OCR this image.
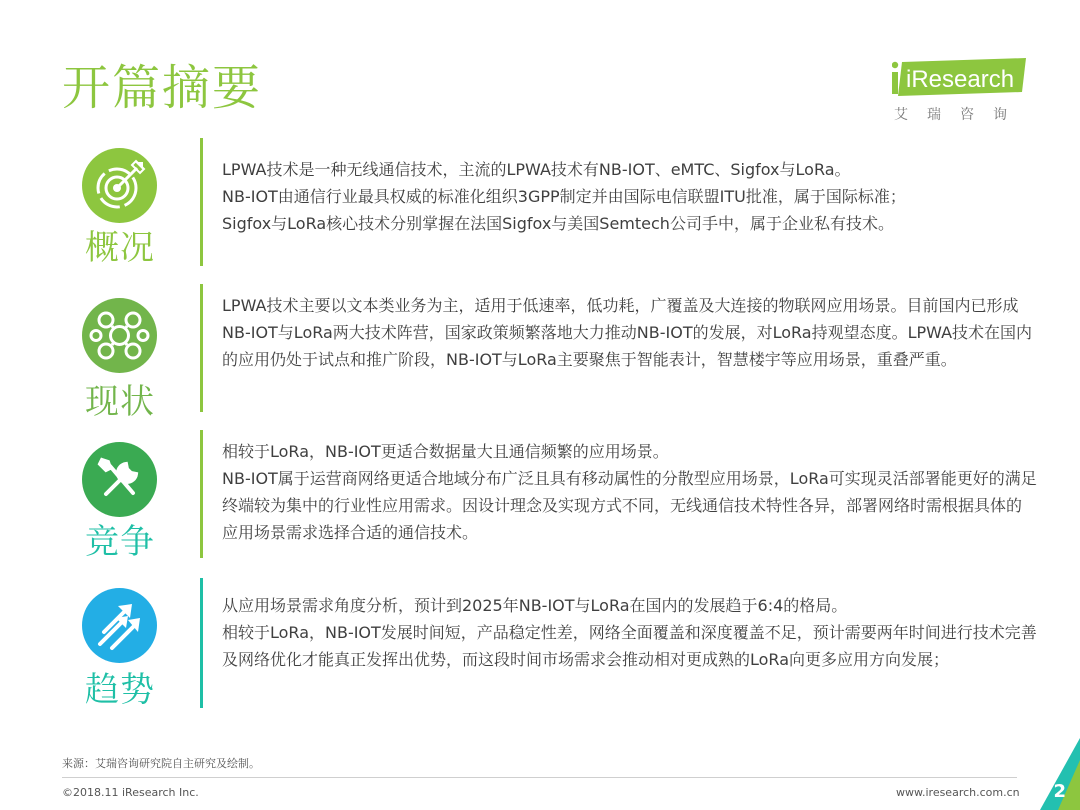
开篇摘要	iResearch
艾瑞咨询
概况

LPWA技术是一种无线通信技术，主流的LPWA技术有NB-IOT、eMTC、Sigfox与LoRa。

NB-IOT由通信行业最具权威的标准化组织3GPP制定并由国际电信联盟ITU批准，属于国际标准；

Sigfox与LoRa核心技术分别掌握在法国Sigfox与美国Semtech公司手中，属于企业私有技术。

现状

LPWA技术主要以文本类业务为主，适用于低速率，低功耗，广覆盖及大连接的物联网应用场景。目前国内已形成NB-IOT与LoRa两大技术阵营，国家政策频繁落地大力推动NB-IOT的发展，对LoRa持观望态度。LPWA技术在国内的应用仍处于试点和推广阶段，NB-IOT与LoRa主要聚焦于智能表计，智慧楼宇等应用场景，重叠严重。

竞争

相较于LoRa，NB-IOT更适合数据量大且通信频繁的应用场景。

NB-IOT属于运营商网络更适合地域分布广泛且具有移动属性的分散型应用场景，LoRa可实现灵活部署能更好的满足终端较为集中的行业性应用需求。因设计理念及实现方式不同，无线通信技术特性各异，部署网络时需根据具体的应用场景需求选择合适的通信技术。

趋势

从应用场景需求角度分析，预计到2025年NB-IOT与LoRa在国内的发展趋于6:4的格局。

相较于LoRa，NB-IOT发展时间短，产品稳定性差，网络全面覆盖和深度覆盖不足，预计需要两年时间进行技术完善及网络优化才能真正发挥出优势，而这段时间市场需求会推动相对更成熟的LoRa向更多应用方向发展；

来源：艾瑞咨询研究院自主研究及绘制。
©2018.11 iResearch Inc.	www.iresearch.com.cn 2
